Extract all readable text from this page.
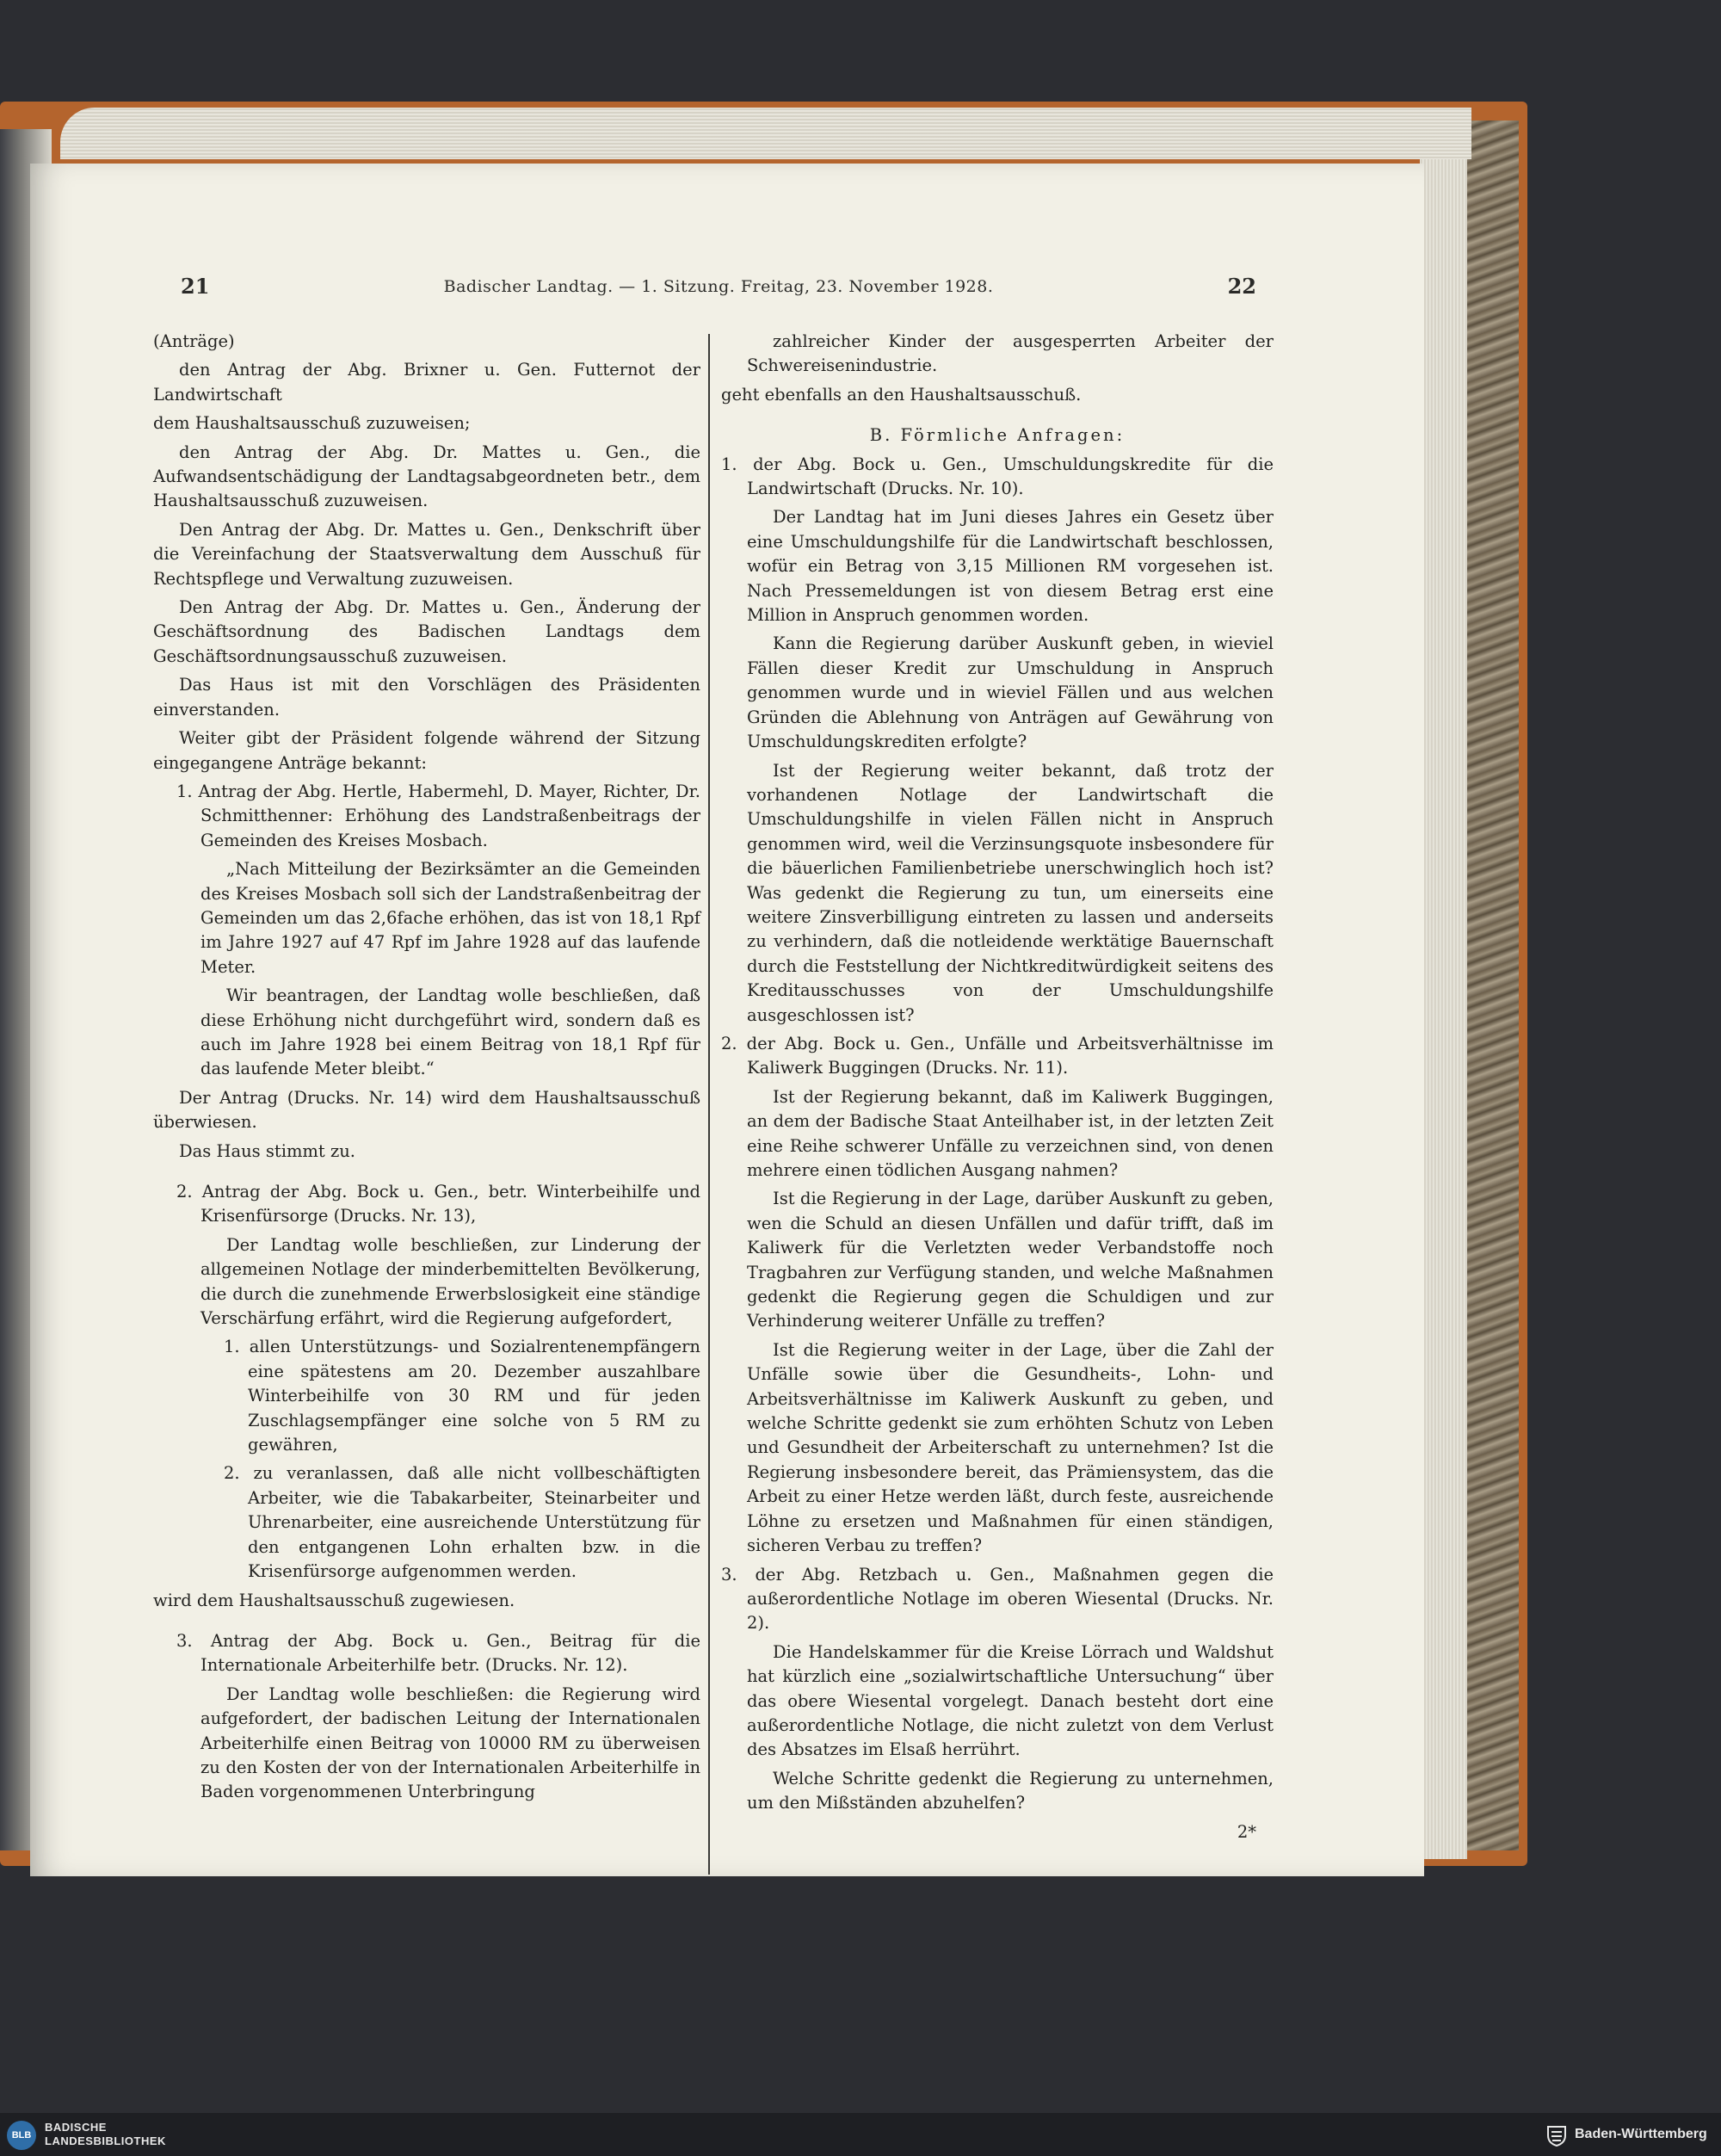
21	Badischer Landtag. — 1. Sitzung. Freitag, 23. November 1928.	22

(Anträge)

den Antrag der Abg. Brixner u. Gen. Futternot der Landwirtschaft

dem Haushaltsausschuß zuzuweisen;

den Antrag der Abg. Dr. Mattes u. Gen., die Aufwandsentschädigung der Landtagsabgeordneten betr., dem Haushaltsausschuß zuzuweisen.

Den Antrag der Abg. Dr. Mattes u. Gen., Denkschrift über die Vereinfachung der Staatsverwaltung dem Ausschuß für Rechtspflege und Verwaltung zuzuweisen.

Den Antrag der Abg. Dr. Mattes u. Gen., Änderung der Geschäftsordnung des Badischen Landtags dem Geschäftsordnungsausschuß zuzuweisen.

Das Haus ist mit den Vorschlägen des Präsidenten einverstanden.

Weiter gibt der Präsident folgende während der Sitzung eingegangene Anträge bekannt:

1. Antrag der Abg. Hertle, Habermehl, D. Mayer, Richter, Dr. Schmitthenner: Erhöhung des Landstraßenbeitrags der Gemeinden des Kreises Mosbach.

„Nach Mitteilung der Bezirksämter an die Gemeinden des Kreises Mosbach soll sich der Landstraßenbeitrag der Gemeinden um das 2,6fache erhöhen, das ist von 18,1 Rpf im Jahre 1927 auf 47 Rpf im Jahre 1928 auf das laufende Meter.

Wir beantragen, der Landtag wolle beschließen, daß diese Erhöhung nicht durchgeführt wird, sondern daß es auch im Jahre 1928 bei einem Beitrag von 18,1 Rpf für das laufende Meter bleibt.“

Der Antrag (Drucks. Nr. 14) wird dem Haushaltsausschuß überwiesen.

Das Haus stimmt zu.

2. Antrag der Abg. Bock u. Gen., betr. Winterbeihilfe und Krisenfürsorge (Drucks. Nr. 13),

Der Landtag wolle beschließen, zur Linderung der allgemeinen Notlage der minderbemittelten Bevölkerung, die durch die zunehmende Erwerbslosigkeit eine ständige Verschärfung erfährt, wird die Regierung aufgefordert,

1. allen Unterstützungs- und Sozialrentenempfängern eine spätestens am 20. Dezember auszahlbare Winterbeihilfe von 30 RM und für jeden Zuschlagsempfänger eine solche von 5 RM zu gewähren,

2. zu veranlassen, daß alle nicht vollbeschäftigten Arbeiter, wie die Tabakarbeiter, Steinarbeiter und Uhrenarbeiter, eine ausreichende Unterstützung für den entgangenen Lohn erhalten bzw. in die Krisenfürsorge aufgenommen werden.

wird dem Haushaltsausschuß zugewiesen.

3. Antrag der Abg. Bock u. Gen., Beitrag für die Internationale Arbeiterhilfe betr. (Drucks. Nr. 12).

Der Landtag wolle beschließen: die Regierung wird aufgefordert, der badischen Leitung der Internationalen Arbeiterhilfe einen Beitrag von 10000 RM zu überweisen zu den Kosten der von der Internationalen Arbeiterhilfe in Baden vorgenommenen Unterbringung

zahlreicher Kinder der ausgesperrten Arbeiter der Schwereisenindustrie.

geht ebenfalls an den Haushaltsausschuß.

B. Förmliche Anfragen:

1. der Abg. Bock u. Gen., Umschuldungskredite für die Landwirtschaft (Drucks. Nr. 10).

Der Landtag hat im Juni dieses Jahres ein Gesetz über eine Umschuldungshilfe für die Landwirtschaft beschlossen, wofür ein Betrag von 3,15 Millionen RM vorgesehen ist. Nach Pressemeldungen ist von diesem Betrag erst eine Million in Anspruch genommen worden.

Kann die Regierung darüber Auskunft geben, in wieviel Fällen dieser Kredit zur Umschuldung in Anspruch genommen wurde und in wieviel Fällen und aus welchen Gründen die Ablehnung von Anträgen auf Gewährung von Umschuldungskrediten erfolgte?

Ist der Regierung weiter bekannt, daß trotz der vorhandenen Notlage der Landwirtschaft die Umschuldungshilfe in vielen Fällen nicht in Anspruch genommen wird, weil die Verzinsungsquote insbesondere für die bäuerlichen Familienbetriebe unerschwinglich hoch ist? Was gedenkt die Regierung zu tun, um einerseits eine weitere Zinsverbilligung eintreten zu lassen und anderseits zu verhindern, daß die notleidende werktätige Bauernschaft durch die Feststellung der Nichtkreditwürdigkeit seitens des Kreditausschusses von der Umschuldungshilfe ausgeschlossen ist?

2. der Abg. Bock u. Gen., Unfälle und Arbeitsverhältnisse im Kaliwerk Buggingen (Drucks. Nr. 11).

Ist der Regierung bekannt, daß im Kaliwerk Buggingen, an dem der Badische Staat Anteilhaber ist, in der letzten Zeit eine Reihe schwerer Unfälle zu verzeichnen sind, von denen mehrere einen tödlichen Ausgang nahmen?

Ist die Regierung in der Lage, darüber Auskunft zu geben, wen die Schuld an diesen Unfällen und dafür trifft, daß im Kaliwerk für die Verletzten weder Verbandstoffe noch Tragbahren zur Verfügung standen, und welche Maßnahmen gedenkt die Regierung gegen die Schuldigen und zur Verhinderung weiterer Unfälle zu treffen?

Ist die Regierung weiter in der Lage, über die Zahl der Unfälle sowie über die Gesundheits-, Lohn- und Arbeitsverhältnisse im Kaliwerk Auskunft zu geben, und welche Schritte gedenkt sie zum erhöhten Schutz von Leben und Gesundheit der Arbeiterschaft zu unternehmen? Ist die Regierung insbesondere bereit, das Prämiensystem, das die Arbeit zu einer Hetze werden läßt, durch feste, ausreichende Löhne zu ersetzen und Maßnahmen für einen ständigen, sicheren Verbau zu treffen?

3. der Abg. Retzbach u. Gen., Maßnahmen gegen die außerordentliche Notlage im oberen Wiesental (Drucks. Nr. 2).

Die Handelskammer für die Kreise Lörrach und Waldshut hat kürzlich eine „sozialwirtschaftliche Untersuchung“ über das obere Wiesental vorgelegt. Danach besteht dort eine außerordentliche Notlage, die nicht zuletzt von dem Verlust des Absatzes im Elsaß herrührt.

Welche Schritte gedenkt die Regierung zu unternehmen, um den Mißständen abzuhelfen?

2*

BLB
BADISCHE
LANDESBIBLIOTHEK	Baden-Württemberg
